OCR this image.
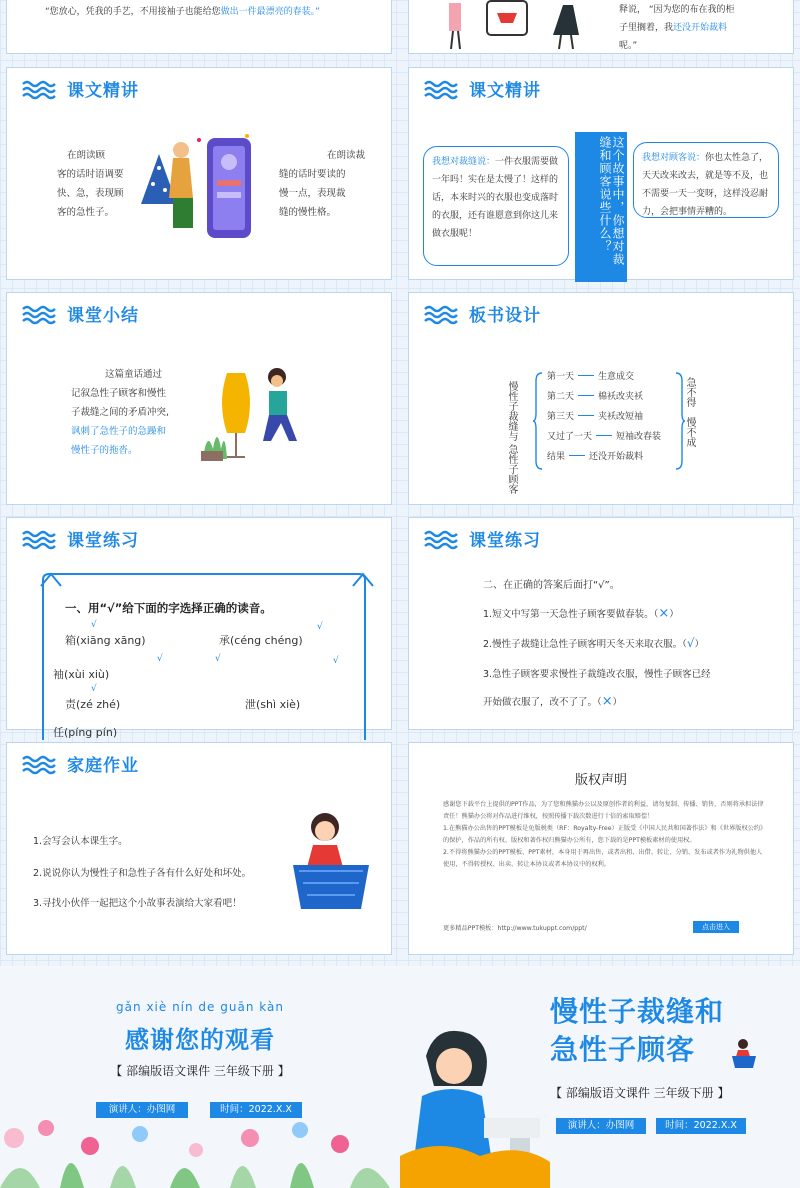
“您放心，凭我的手艺，不用接袖子也能给您做出一件最漂亮的春装。”	释说， “因为您的布在我的柜
子里搁着，我还没开始裁料
呢。”
课文精讲
在朗读顾
客的话时语调要
快、急，表现顾
客的急性子。
在朗读裁
缝的话时要读的
慢一点，表现裁
缝的慢性格。
课文精讲
我想对裁缝说：一件衣服需要做一年吗！实在是太慢了！这样的话，本来时兴的衣服也变成落时的衣服，还有谁愿意到你这儿来做衣服呢！	这个故事中，你想对裁缝和顾客说些什么？	我想对顾客说：你也太性急了，天天改来改去，就是等不及，也不需要一天一变呀，这样没忍耐力，会把事情弄糟的。
课堂小结
这篇童话通过
记叙急性子顾客和慢性
子裁缝之间的矛盾冲突,
讽刺了急性子的急躁和
慢性子的拖沓。
板书设计
慢性子裁缝与 急性子顾客
第一天	生意成交
第二天	棉袄改夹袄
第三天	夹袄改短袖
又过了一天	短袖改春装
结果	还没开始裁料
急不得慢不成
课堂练习
一、用“√”给下面的字选择正确的读音。
箱(xiāng xāng)	承(céng chéng)
袖(xùi xiù)
责(zé zhé)	泄(shì xiè)
任(píng pín)
√	√
√	√	√
√
课堂练习
二、在正确的答案后面打“√”。
1.短文中写第一天急性子顾客要做春装。（×）
2.慢性子裁缝让急性子顾客明天冬天来取衣服。（√）
3.急性子顾客要求慢性子裁缝改衣服，慢性子顾客已经
开始做衣服了，改不了了。（×）
家庭作业
1.会写会认本课生字。
2.说说你认为慢性子和急性子各有什么好处和坏处。
3.寻找小伙伴一起把这个小故事表演给大家看吧！
版权声明
感谢您下载平台上提供的PPT作品，为了您和熊猫办公以及原创作者的利益，请勿复制、传播、销售，否则将承担法律责任！熊猫办公将对作品进行维权，按照传播下载次数进行十倍的索取赔偿！
1.在熊猫办公出售的PPT模板是免版税类（RF：Royalty-Free）正版受《中国人民共和国著作法》和《世界版权公约》的保护，作品的所有权、版权和著作权归熊猫办公所有，您下载的是PPT模板素材的使用权。
2.不得将熊猫办公的PPT模板、PPT素材，本身用于再出售，或者出租、出借、转让、分销、发布或者作为礼物供他人使用，不得转授权、出卖、转让本协议或者本协议中的权利。
更多精品PPT模板：http://www.tukuppt.com/ppt/	点击进入
gǎn xiè nín de guān kàn
感谢您的观看
【 部编版语文课件 三年级下册 】
演讲人：办图网	时间：2022.X.X
慢性子裁缝和
急性子顾客
【 部编版语文课件 三年级下册 】
演讲人：办图网	时间：2022.X.X
